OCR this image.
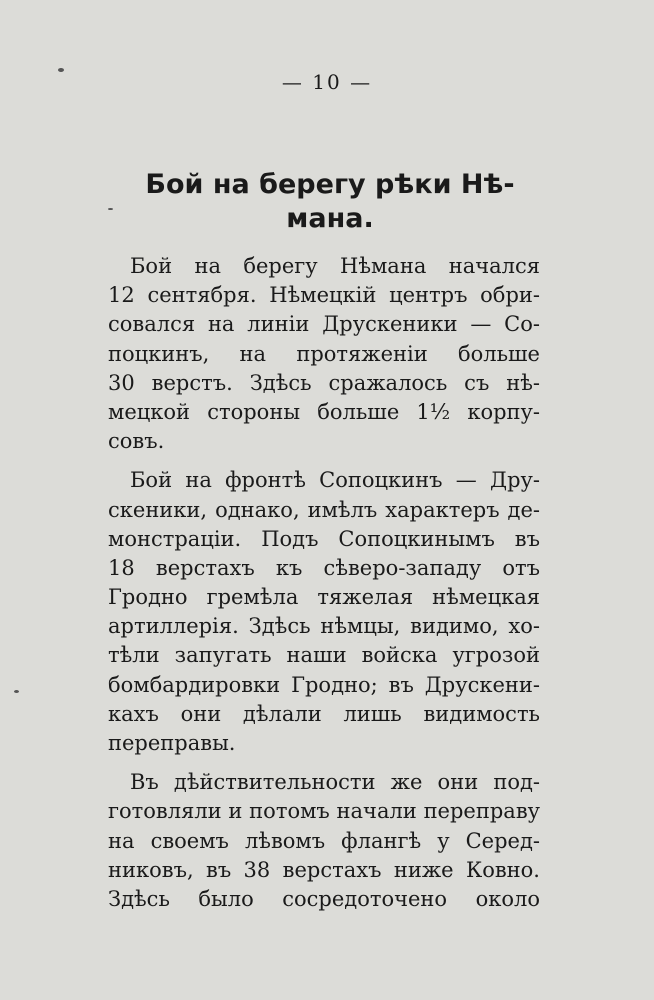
— 10 —
Бой на берегу рѣки Нѣ-
мана.
Бой на берегу Нѣмана начался
12 сентября. Нѣмецкій центръ обри-
совался на линіи Друскеники — Со-
поцкинъ, на протяженіи больше
30 верстъ. Здѣсь сражалось съ нѣ-
мецкой стороны больше 1½ корпу-
совъ.
Бой на фронтѣ Сопоцкинъ — Дру-
скеники, однако, имѣлъ характеръ де-
монстраціи. Подъ Сопоцкинымъ въ
18 верстахъ къ сѣверо-западу отъ
Гродно гремѣла тяжелая нѣмецкая
артиллерія. Здѣсь нѣмцы, видимо, хо-
тѣли запугать наши войска угрозой
бомбардировки Гродно; въ Друскени-
кахъ они дѣлали лишь видимость
переправы.
Въ дѣйствительности же они под-
готовляли и потомъ начали переправу
на своемъ лѣвомъ флангѣ у Серед-
никовъ, въ 38 верстахъ ниже Ковно.
Здѣсь было сосредоточено около
